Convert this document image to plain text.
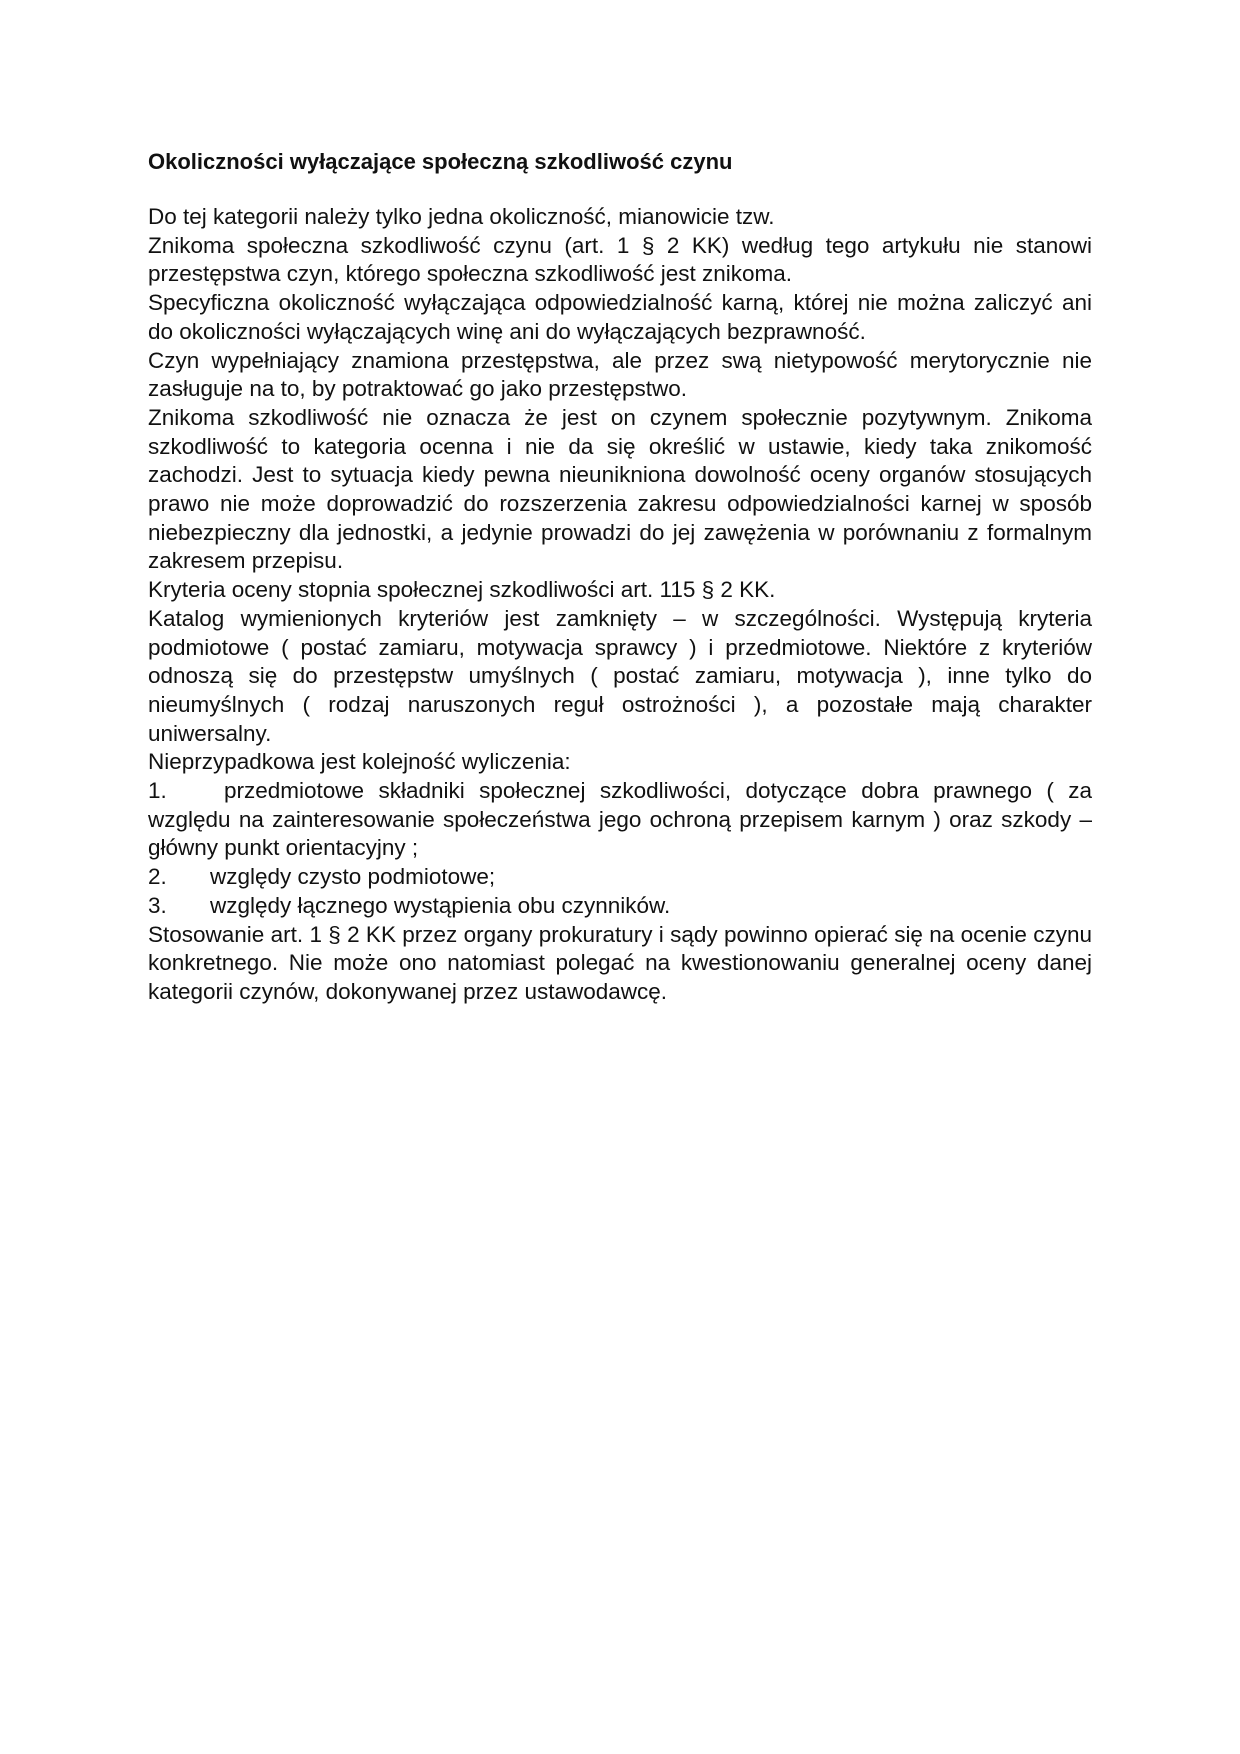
Okoliczności wyłączające społeczną szkodliwość czynu

Do tej kategorii należy tylko jedna okoliczność, mianowicie tzw.

Znikoma społeczna szkodliwość czynu (art. 1 § 2 KK) według tego artykułu nie stanowi przestępstwa czyn, którego społeczna szkodliwość jest znikoma.

Specyficzna okoliczność wyłączająca odpowiedzialność karną, której nie można zaliczyć ani do okoliczności wyłączających winę ani do wyłączających bezprawność.

Czyn wypełniający znamiona przestępstwa, ale przez swą nietypowość merytorycznie nie zasługuje na to, by potraktować go jako przestępstwo.

Znikoma szkodliwość nie oznacza że jest on czynem społecznie pozytywnym. Znikoma szkodliwość to kategoria ocenna i nie da się określić w ustawie, kiedy taka znikomość zachodzi. Jest to sytuacja kiedy pewna nieunikniona dowolność oceny organów stosujących prawo nie może doprowadzić do rozszerzenia zakresu odpowiedzialności karnej w sposób niebezpieczny dla jednostki, a jedynie prowadzi do jej zawężenia w porównaniu z formalnym zakresem przepisu.

Kryteria oceny stopnia społecznej szkodliwości art. 115 § 2 KK.

Katalog wymienionych kryteriów jest zamknięty – w szczególności. Występują kryteria podmiotowe ( postać zamiaru, motywacja sprawcy ) i przedmiotowe. Niektóre z kryteriów odnoszą się do przestępstw umyślnych ( postać zamiaru, motywacja ), inne tylko do nieumyślnych ( rodzaj naruszonych reguł ostrożności ), a pozostałe mają charakter uniwersalny.

Nieprzypadkowa jest kolejność wyliczenia:

1.	przedmiotowe składniki społecznej szkodliwości, dotyczące dobra prawnego ( za względu na zainteresowanie społeczeństwa jego ochroną przepisem karnym ) oraz szkody – główny punkt orientacyjny ;
2. względy czysto podmiotowe;
3. względy łącznego wystąpienia obu czynników.

Stosowanie art. 1 § 2 KK przez organy prokuratury i sądy powinno opierać się na ocenie czynu konkretnego. Nie może ono natomiast polegać na kwestionowaniu generalnej oceny danej kategorii czynów, dokonywanej przez ustawodawcę.
